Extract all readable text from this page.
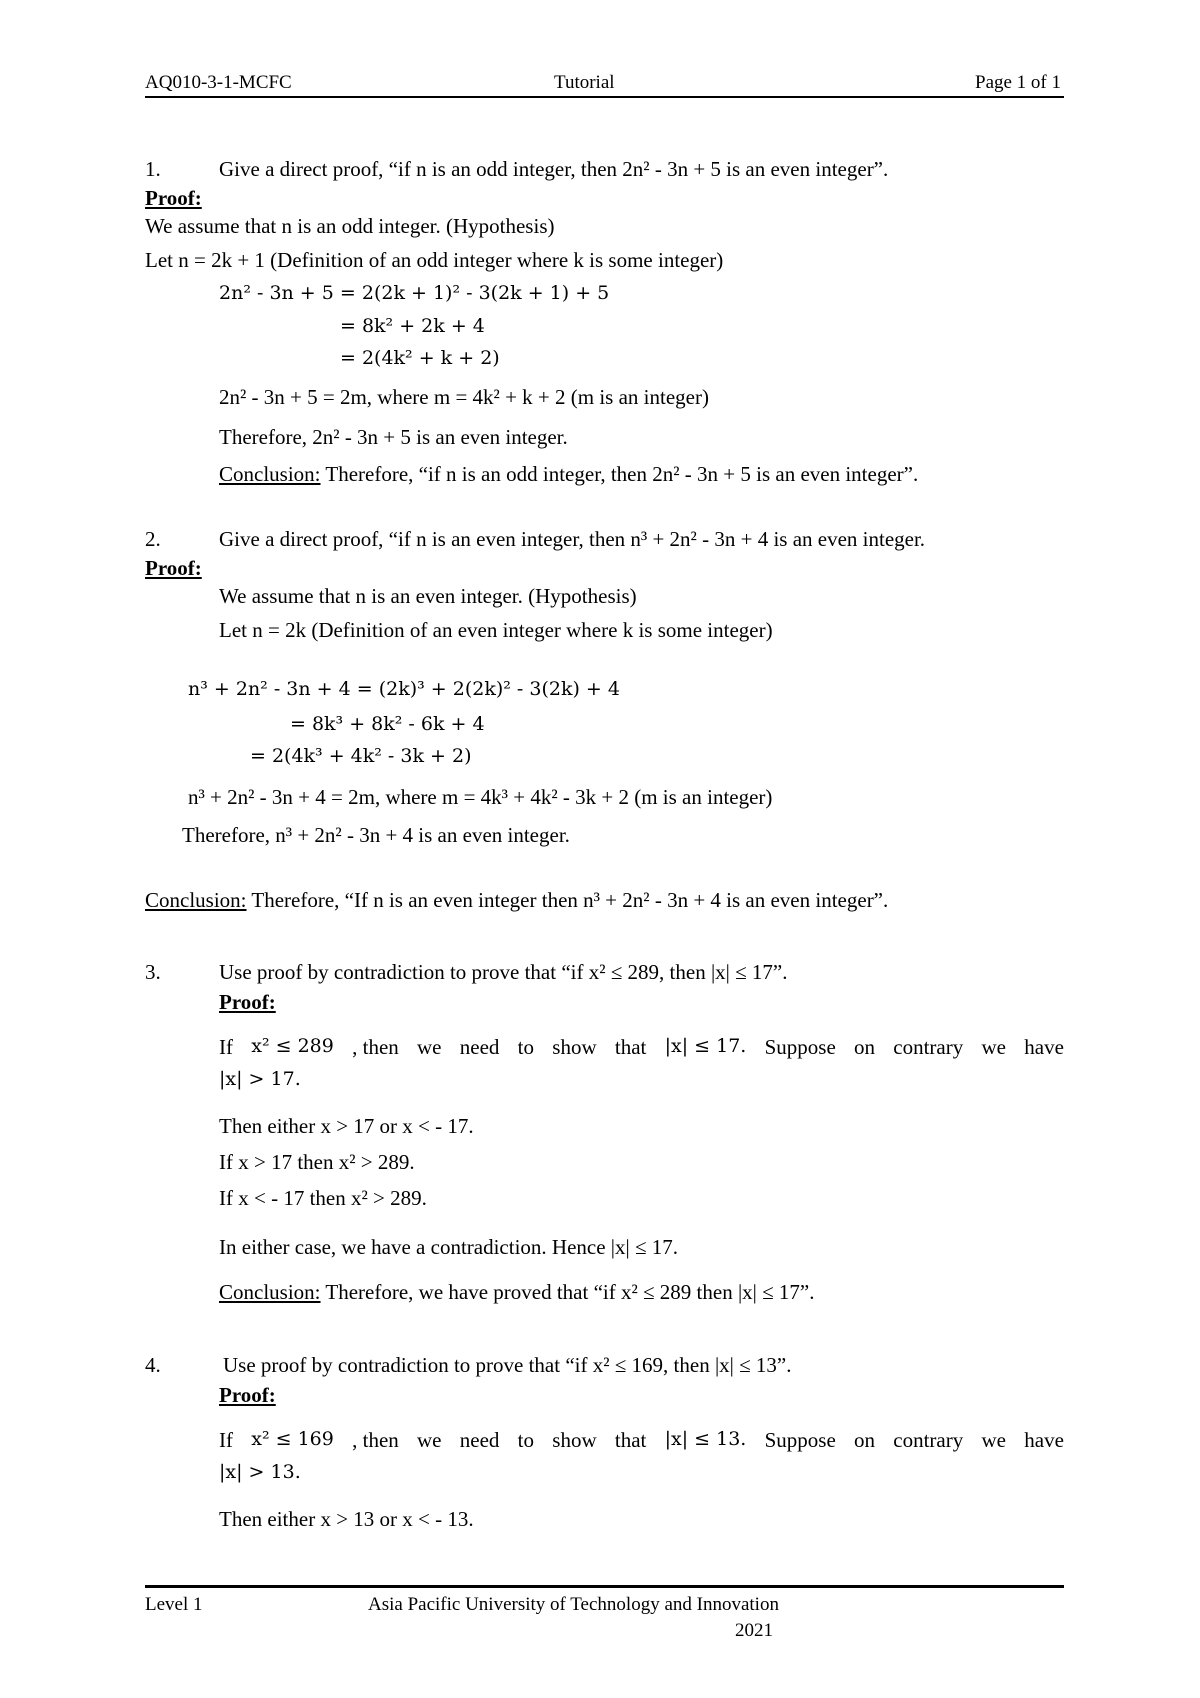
AQ010-3-1-MCFC	Tutorial	Page 1 of 1
1.	Give a direct proof, “if n is an odd integer, then 2n² - 3n + 5 is an even integer”.
Proof:
We assume that n is an odd integer. (Hypothesis)
Let n = 2k + 1 (Definition of an odd integer where k is some integer)
2n² - 3n + 5 = 2(2k + 1)² - 3(2k + 1) + 5
= 8k² + 2k + 4
= 2(4k² + k + 2)
2n² - 3n + 5 = 2m, where m = 4k² + k + 2 (m is an integer)
Therefore, 2n² - 3n + 5 is an even integer.
Conclusion: Therefore, “if n is an odd integer, then 2n² - 3n + 5 is an even integer”.
2.	Give a direct proof, “if n is an even integer, then n³ + 2n² - 3n + 4 is an even integer.
Proof:
We assume that n is an even integer. (Hypothesis)
Let n = 2k (Definition of an even integer where k is some integer)
n³ + 2n² - 3n + 4 = (2k)³ + 2(2k)² - 3(2k) + 4
= 8k³ + 8k² - 6k + 4
= 2(4k³ + 4k² - 3k + 2)
n³ + 2n² - 3n + 4 = 2m, where m = 4k³ + 4k² - 3k + 2 (m is an integer)
Therefore, n³ + 2n² - 3n + 4 is an even integer.
Conclusion: Therefore, “If n is an even integer then n³ + 2n² - 3n + 4 is an even integer”.
3.	Use proof by contradiction to prove that “if x² ≤ 289, then |x| ≤ 17”.
Proof:
If x² ≤ 289 , then we need to show that |x| ≤ 17. Suppose on contrary we have
|x| > 17.
Then either x > 17 or x < - 17.
If x > 17 then x² > 289.
If x < - 17 then x² > 289.
In either case, we have a contradiction. Hence |x| ≤ 17.
Conclusion: Therefore, we have proved that “if x² ≤ 289 then |x| ≤ 17”.
4.	Use proof by contradiction to prove that “if x² ≤ 169, then |x| ≤ 13”.
Proof:
If x² ≤ 169 , then we need to show that |x| ≤ 13. Suppose on contrary we have
|x| > 13.
Then either x > 13 or x < - 13.
Level 1	Asia Pacific University of Technology and Innovation
2021
